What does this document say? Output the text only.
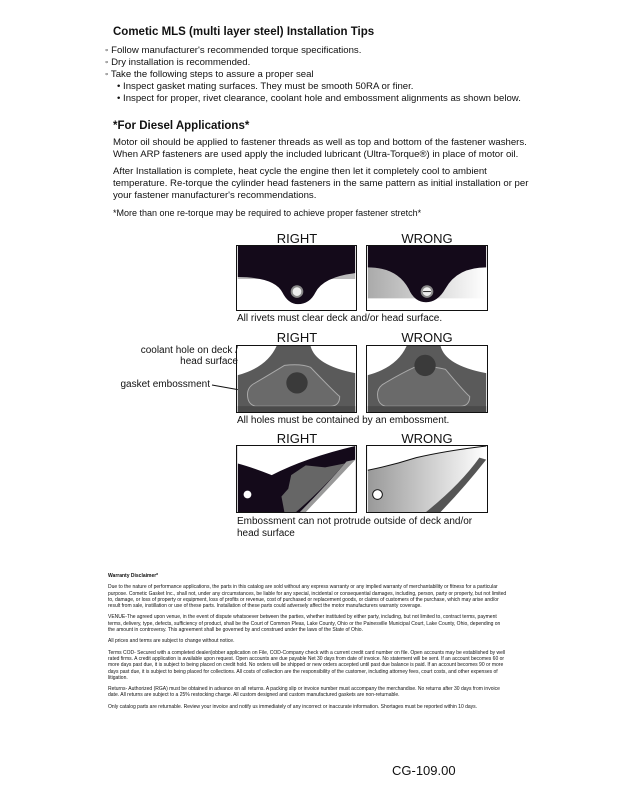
Cometic MLS (multi layer steel) Installation Tips
◦ Follow manufacturer's recommended torque specifications.
◦ Dry installation is recommended.
◦ Take the following steps to assure a proper seal
• Inspect gasket mating surfaces. They must be smooth 50RA or finer.
• Inspect for proper, rivet clearance, coolant hole and embossment alignments as shown below.
*For Diesel Applications*
Motor oil should be applied to fastener threads as well as top and bottom of the fastener washers. When ARP fasteners are used apply the included lubricant (Ultra-Torque®) in place of motor oil.
After Installation is complete, heat cycle the engine then let it completely cool to ambient temperature. Re-torque the cylinder head fasteners in the same pattern as initial installation or per your fastener manufacturer's recommendations.
*More than one re-torque may be required to achieve proper fastener stretch*
RIGHT	WRONG
All rivets must clear deck and/or head surface.
RIGHT	WRONG
coolant hole on deck / head surface
gasket embossment
All holes must be contained by an embossment.
RIGHT	WRONG
Embossment can not protrude outside of deck and/or head surface

Warranty Disclaimer*

Due to the nature of performance applications, the parts in this catalog are sold without any express warranty or any implied warranty of merchantability or fitness for a particular purpose. Cometic Gasket Inc., shall not, under any circumstances, be liable for any special, incidental or consequential damages, including, person, party or property, but not limited to, damage, or loss of property or equipment, loss of profits or revenue, cost of purchased or replacement goods, or claims of customers of the purchase, which may arise and/or result from sale, instillation or use of these parts. Installation of these parts could adversely affect the motor manufacturers warranty coverage.

VENUE-The agreed upon venue, in the event of dispute whatsoever between the parties, whether instituted by either party, including, but not limited to, contract terms, payment terms, delivery, type, defects, sufficiency of product, shall be the Court of Common Pleas, Lake County, Ohio or the Painesville Municipal Court, Lake County, Ohio, depending on the amount in controversy. This agreement shall be governed by and construed under the laws of the State of Ohio.

All prices and terms are subject to change without notice.

Terms COD- Secured with a completed dealer/jobber application on File, COD-Company check with a current credit card number on file. Open accounts may be established by well rated firms. A credit application is available upon request. Open accounts are due payable Net 30 days from date of invoice. No statement will be sent. If an account becomes 60 or more days past due, it is subject to being placed on credit hold. No orders will be shipped or new orders accepted until past due balance is paid. If an account becomes 90 or more days past due, it is subject to being placed for collections. All costs of collection are the responsibility of the customer, including attorney fees, court costs, and other expenses of litigation.

Returns- Authorized (RGA) must be obtained in advance on all returns. A packing slip or invoice number must accompany the merchandise. No returns after 30 days from invoice date. All returns are subject to a 25% restocking charge. All custom designed and custom manufactured gaskets are non-returnable.

Only catalog parts are returnable. Review your invoice and notify us immediately of any incorrect or inaccurate information. Shortages must be reported within 10 days.

CG-109.00
